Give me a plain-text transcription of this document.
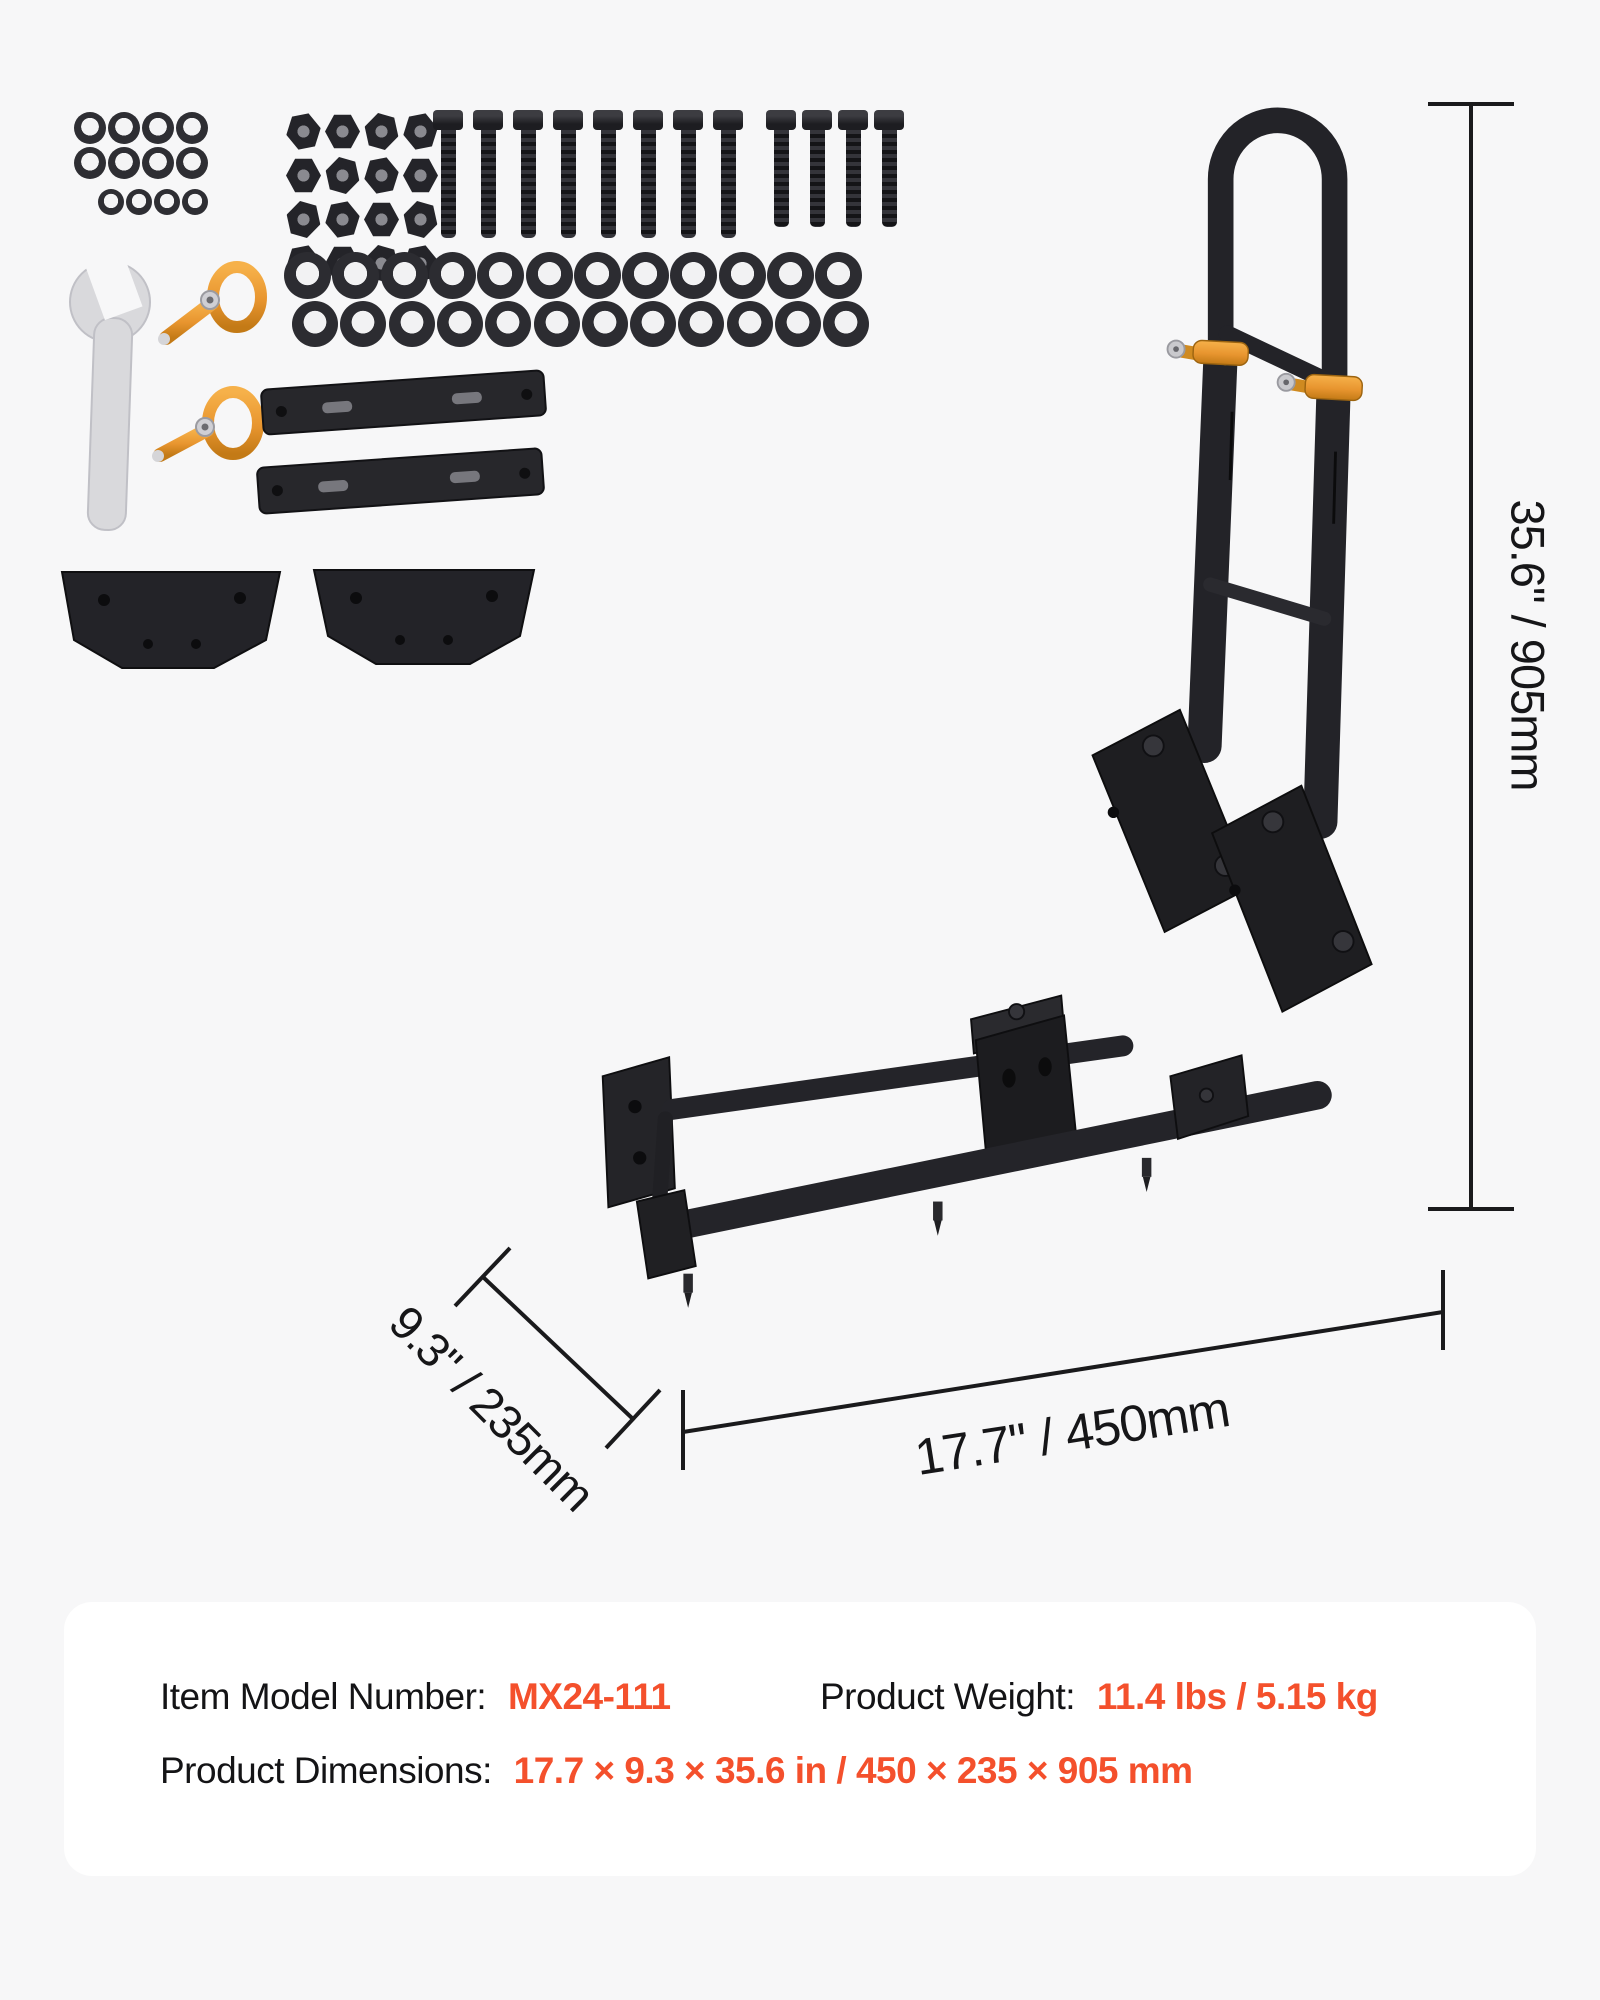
35.6" / 905mm
9.3" / 235mm	17.7" / 450mm
Item Model Number: MX24-111	Product Weight: 11.4 lbs / 5.15 kg
Product Dimensions: 17.7 × 9.3 × 35.6 in / 450 × 235 × 905 mm
